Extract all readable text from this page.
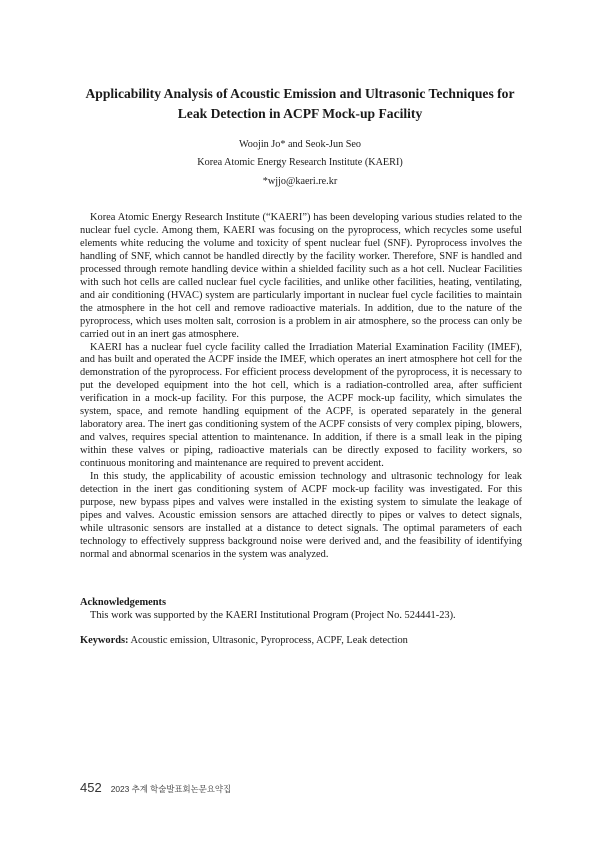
Applicability Analysis of Acoustic Emission and Ultrasonic Techniques for
Leak Detection in ACPF Mock-up Facility

Woojin Jo* and Seok-Jun Seo

Korea Atomic Energy Research Institute (KAERI)

*wjjo@kaeri.re.kr

Korea Atomic Energy Research Institute (“KAERI”) has been developing various studies related to the nuclear fuel cycle. Among them, KAERI was focusing on the pyroprocess, which recycles some useful elements white reducing the volume and toxicity of spent nuclear fuel (SNF). Pyroprocess involves the handling of SNF, which cannot be handled directly by the facility worker. Therefore, SNF is handled and processed through remote handling device within a shielded facility such as a hot cell. Nuclear Facilities with such hot cells are called nuclear fuel cycle facilities, and unlike other facilities, heating, ventilating, and air conditioning (HVAC) system are particularly important in nuclear fuel cycle facilities to maintain the atmosphere in the hot cell and remove radioactive materials. In addition, due to the nature of the pyroprocess, which uses molten salt, corrosion is a problem in air atmosphere, so the process can only be carried out in an inert gas atmosphere.

KAERI has a nuclear fuel cycle facility called the Irradiation Material Examination Facility (IMEF), and has built and operated the ACPF inside the IMEF, which operates an inert atmosphere hot cell for the demonstration of the pyroprocess. For efficient process development of the pyroprocess, it is necessary to put the developed equipment into the hot cell, which is a radiation-controlled area, after sufficient verification in a mock-up facility. For this purpose, the ACPF mock-up facility, which simulates the system, space, and remote handling equipment of the ACPF, is operated separately in the general laboratory area. The inert gas conditioning system of the ACPF consists of very complex piping, blowers, and valves, requires special attention to maintenance. In addition, if there is a small leak in the piping within these valves or piping, radioactive materials can be directly exposed to facility workers, so continuous monitoring and maintenance are required to prevent accident.

In this study, the applicability of acoustic emission technology and ultrasonic technology for leak detection in the inert gas conditioning system of ACPF mock-up facility was investigated. For this purpose, new bypass pipes and valves were installed in the existing system to simulate the leakage of pipes and valves. Acoustic emission sensors are attached directly to pipes or valves to detect signals, while ultrasonic sensors are installed at a distance to detect signals. The optimal parameters of each technology to effectively suppress background noise were derived and, and the feasibility of identifying normal and abnormal scenarios in the system was analyzed.

Acknowledgements

This work was supported by the KAERI Institutional Program (Project No. 524441-23).

Keywords: Acoustic emission, Ultrasonic, Pyroprocess, ACPF, Leak detection

452 2023 추계 학술발표회논문요약집
